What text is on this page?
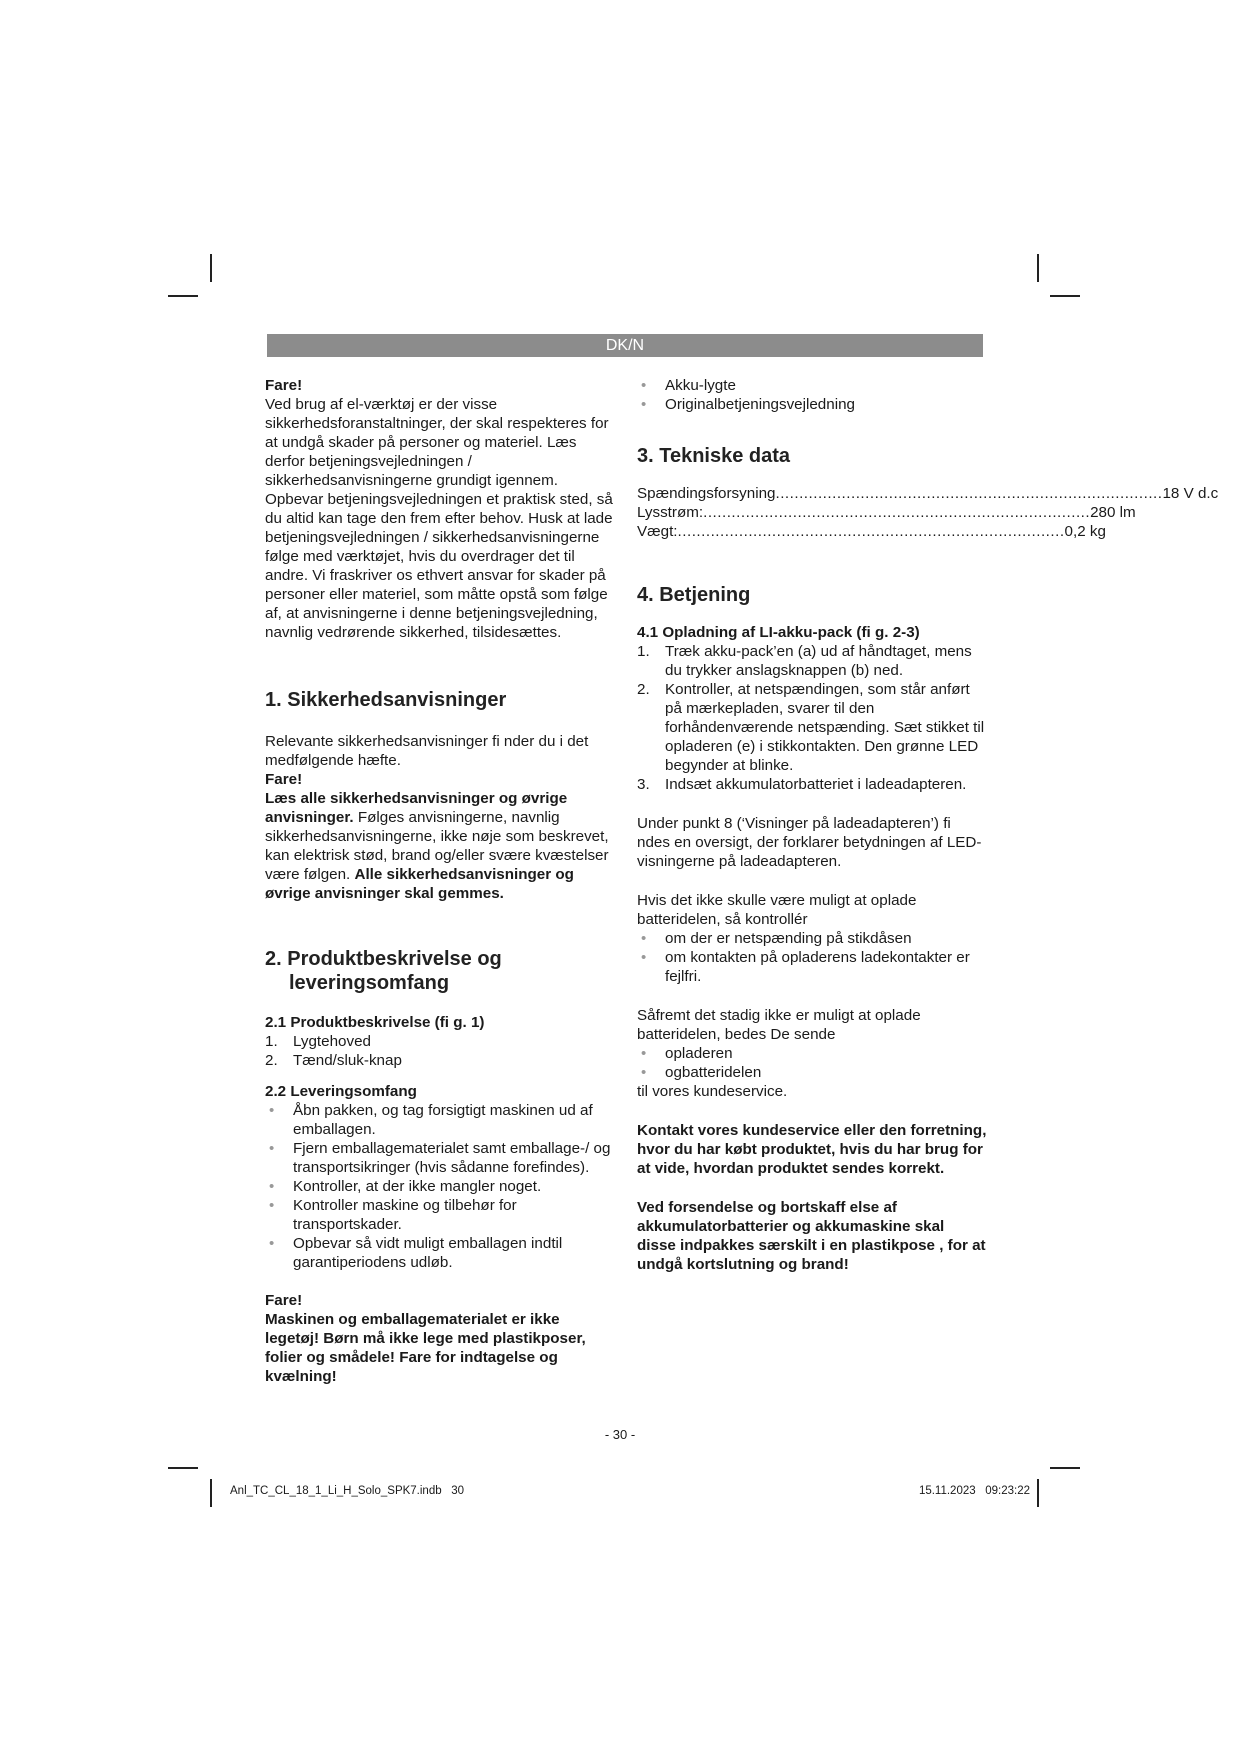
DK/N

Fare!

Ved brug af el-værktøj er der visse sikkerhedsforanstaltninger, der skal respekteres for at undgå skader på personer og materiel. Læs derfor betjeningsvejledningen / sikkerhedsanvisningerne grundigt igennem. Opbevar betjeningsvejledningen et praktisk sted, så du altid kan tage den frem efter behov. Husk at lade betjeningsvejledningen / sikkerhedsanvisningerne følge med værktøjet, hvis du overdrager det til andre. Vi fraskriver os ethvert ansvar for skader på personer eller materiel, som måtte opstå som følge af, at anvisningerne i denne betjeningsvejledning, navnlig vedrørende sikkerhed, tilsidesættes.

1. Sikkerhedsanvisninger

Relevante sikkerhedsanvisninger fi nder du i det medfølgende hæfte.

Fare!

Læs alle sikkerhedsanvisninger og øvrige anvisninger. Følges anvisningerne, navnlig sikkerhedsanvisningerne, ikke nøje som beskrevet, kan elektrisk stød, brand og/eller svære kvæstelser være følgen. Alle sikkerhedsanvisninger og øvrige anvisninger skal gemmes.

2. Produktbeskrivelse og
leveringsomfang
2.1 Produktbeskrivelse (fi g. 1)
1. Lygtehoved
2. Tænd/sluk-knap
2.2 Leveringsomfang
• Åbn pakken, og tag forsigtigt maskinen ud af emballagen.
• Fjern emballagematerialet samt emballage-/ og transportsikringer (hvis sådanne forefindes).
• Kontroller, at der ikke mangler noget.
• Kontroller maskine og tilbehør for transportskader.
• Opbevar så vidt muligt emballagen indtil garantiperiodens udløb.

Fare!

Maskinen og emballagematerialet er ikke legetøj! Børn må ikke lege med plastikposer, folier og smådele! Fare for indtagelse og kvælning!

• Akku-lygte
• Originalbetjeningsvejledning
3. Tekniske data
Spændingsforsyning .................................................................................. 18 V d.c
Lysstrøm: .................................................................................. 280 lm
Vægt: .................................................................................. 0,2 kg
4. Betjening
4.1 Opladning af LI-akku-pack (fi g. 2-3)
1. Træk akku-pack’en (a) ud af håndtaget, mens du trykker anslagsknappen (b) ned.
2. Kontroller, at netspændingen, som står anført på mærkepladen, svarer til den forhåndenværende netspænding. Sæt stikket til opladeren (e) i stikkontakten. Den grønne LED begynder at blinke.
3. Indsæt akkumulatorbatteriet i ladeadapteren.

Under punkt 8 (‘Visninger på ladeadapteren’) fi ndes en oversigt, der forklarer betydningen af LED-visningerne på ladeadapteren.

Hvis det ikke skulle være muligt at oplade batteridelen, så kontrollér

• om der er netspænding på stikdåsen
• om kontakten på opladerens ladekontakter er fejlfri.

Såfremt det stadig ikke er muligt at oplade batteridelen, bedes De sende

• opladeren
• ogbatteridelen

til vores kundeservice.

Kontakt vores kundeservice eller den forretning, hvor du har købt produktet, hvis du har brug for at vide, hvordan produktet sendes korrekt.

Ved forsendelse og bortskaff else af akkumulatorbatterier og akkumaskine skal disse indpakkes særskilt i en plastikpose , for at undgå kortslutning og brand!

- 30 -
Anl_TC_CL_18_1_Li_H_Solo_SPK7.indb   30	15.11.2023   09:23:22
